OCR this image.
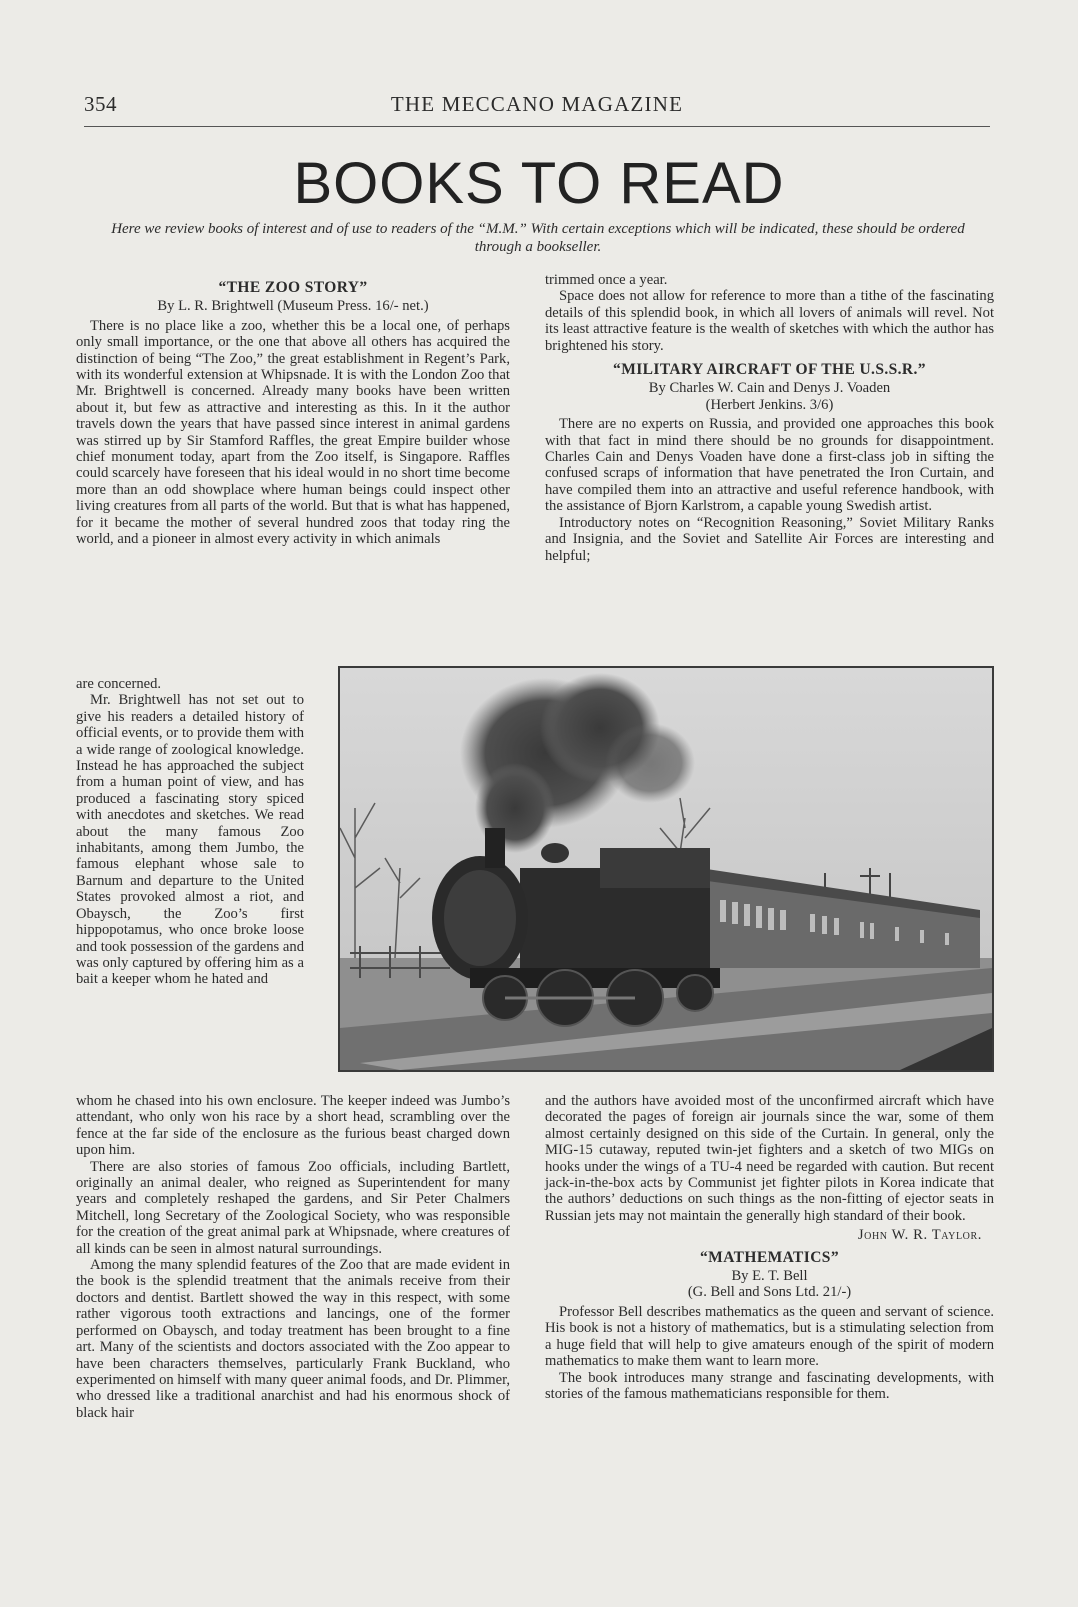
354	THE MECCANO MAGAZINE
BOOKS TO READ
Here we review books of interest and of use to readers of the “M.M.” With certain exceptions which will be indicated, these should be ordered through a bookseller.
“THE ZOO STORY”
By L. R. Brightwell (Museum Press. 16/- net.)

There is no place like a zoo, whether this be a local one, of perhaps only small importance, or the one that above all others has acquired the distinction of being “The Zoo,” the great establishment in Regent’s Park, with its wonderful extension at Whipsnade. It is with the London Zoo that Mr. Brightwell is concerned. Already many books have been written about it, but few as attractive and interesting as this. In it the author travels down the years that have passed since interest in animal gardens was stirred up by Sir Stamford Raffles, the great Empire builder whose chief monument today, apart from the Zoo itself, is Singapore. Raffles could scarcely have foreseen that his ideal would in no short time become more than an odd showplace where human beings could inspect other living creatures from all parts of the world. But that is what has happened, for it became the mother of several hundred zoos that today ring the world, and a pioneer in almost every activity in which animals

are concerned.

Mr. Brightwell has not set out to give his readers a detailed history of official events, or to provide them with a wide range of zoological knowledge. Instead he has approached the subject from a human point of view, and has produced a fascinating story spiced with anecdotes and sketches. We read about the many famous Zoo inhabitants, among them Jumbo, the famous elephant whose sale to Barnum and departure to the United States provoked almost a riot, and Obaysch, the Zoo’s first hippopotamus, who once broke loose and took possession of the gardens and was only captured by offering him as a bait a keeper whom he hated and

whom he chased into his own enclosure. The keeper indeed was Jumbo’s attendant, who only won his race by a short head, scrambling over the fence at the far side of the enclosure as the furious beast charged down upon him.

There are also stories of famous Zoo officials, including Bartlett, originally an animal dealer, who reigned as Superintendent for many years and completely reshaped the gardens, and Sir Peter Chalmers Mitchell, long Secretary of the Zoological Society, who was responsible for the creation of the great animal park at Whipsnade, where creatures of all kinds can be seen in almost natural surroundings.

Among the many splendid features of the Zoo that are made evident in the book is the splendid treatment that the animals receive from their doctors and dentist. Bartlett showed the way in this respect, with some rather vigorous tooth extractions and lancings, one of the former performed on Obaysch, and today treatment has been brought to a fine art. Many of the scientists and doctors associated with the Zoo appear to have been characters themselves, particularly Frank Buckland, who experimented on himself with many queer animal foods, and Dr. Plimmer, who dressed like a traditional anarchist and had his enormous shock of black hair

trimmed once a year.

Space does not allow for reference to more than a tithe of the fascinating details of this splendid book, in which all lovers of animals will revel. Not its least attractive feature is the wealth of sketches with which the author has brightened his story.

“MILITARY AIRCRAFT OF THE U.S.S.R.”
By Charles W. Cain and Denys J. Voaden
(Herbert Jenkins. 3/6)

There are no experts on Russia, and provided one approaches this book with that fact in mind there should be no grounds for disappointment. Charles Cain and Denys Voaden have done a first-class job in sifting the confused scraps of information that have penetrated the Iron Curtain, and have compiled them into an attractive and useful reference handbook, with the assistance of Bjorn Karlstrom, a capable young Swedish artist.

Introductory notes on “Recognition Reasoning,” Soviet Military Ranks and Insignia, and the Soviet and Satellite Air Forces are interesting and helpful;

and the authors have avoided most of the unconfirmed aircraft which have decorated the pages of foreign air journals since the war, some of them almost certainly designed on this side of the Curtain. In general, only the MIG-15 cutaway, reputed twin-jet fighters and a sketch of two MIGs on hooks under the wings of a TU-4 need be regarded with caution. But recent jack-in-the-box acts by Communist jet fighter pilots in Korea indicate that the authors’ deductions on such things as the non-fitting of ejector seats in Russian jets may not maintain the generally high standard of their book.

John W. R. Taylor.
“MATHEMATICS”
By E. T. Bell
(G. Bell and Sons Ltd. 21/-)

Professor Bell describes mathematics as the queen and servant of science. His book is not a history of mathematics, but is a stimulating selection from a huge field that will help to give amateurs enough of the spirit of modern mathematics to make them want to learn more.

The book introduces many strange and fascinating developments, with stories of the famous mathematicians responsible for them.
